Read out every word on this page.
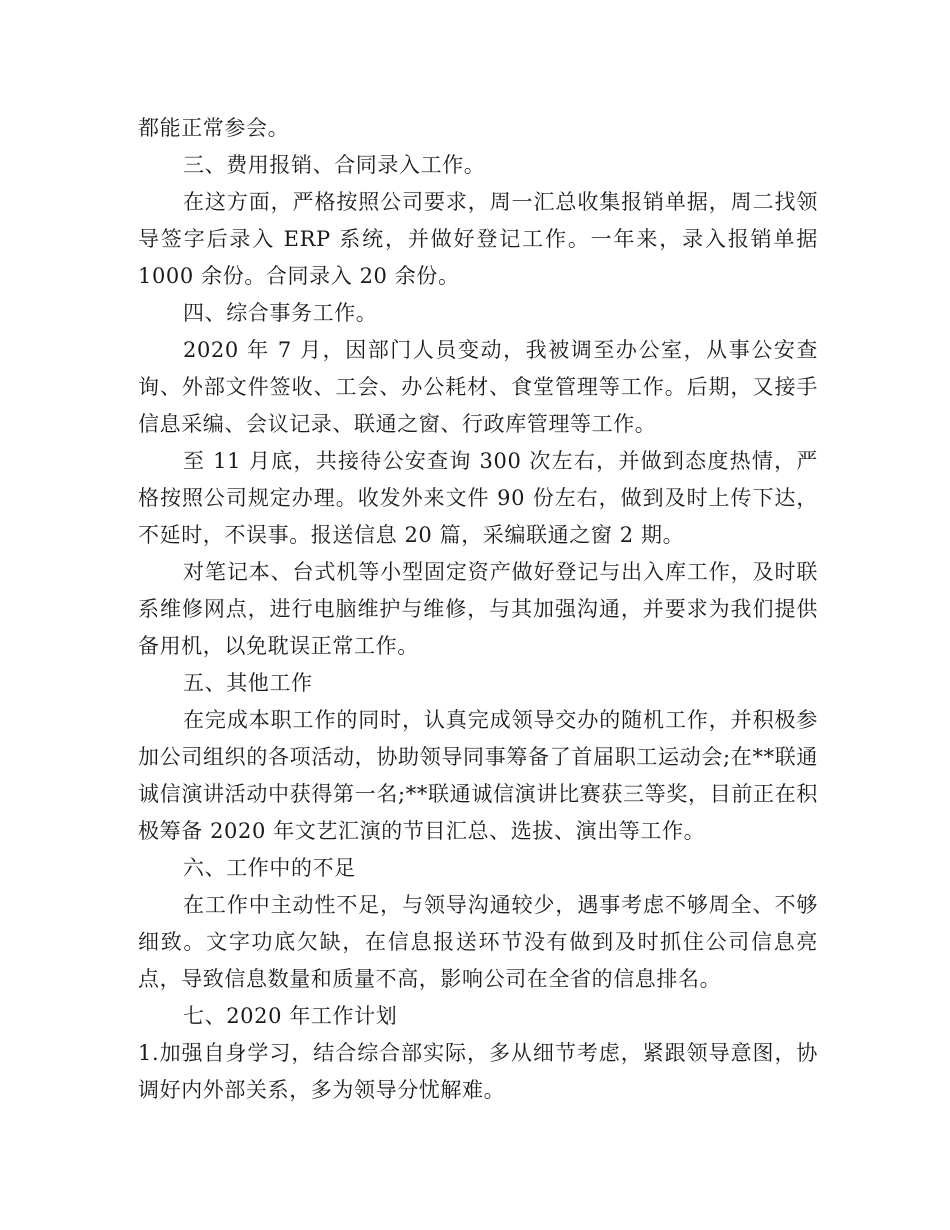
都能正常参会。

三、费用报销、合同录入工作。

在这方面，严格按照公司要求，周一汇总收集报销单据，周二找领导签字后录入 ERP 系统，并做好登记工作。一年来，录入报销单据 1000 余份。合同录入 20 余份。

四、综合事务工作。

2020 年 7 月，因部门人员变动，我被调至办公室，从事公安查询、外部文件签收、工会、办公耗材、食堂管理等工作。后期，又接手信息采编、会议记录、联通之窗、行政库管理等工作。

至 11 月底，共接待公安查询 300 次左右，并做到态度热情，严格按照公司规定办理。收发外来文件 90 份左右，做到及时上传下达，不延时，不误事。报送信息 20 篇，采编联通之窗 2 期。

对笔记本、台式机等小型固定资产做好登记与出入库工作，及时联系维修网点，进行电脑维护与维修，与其加强沟通，并要求为我们提供备用机，以免耽误正常工作。

五、其他工作

在完成本职工作的同时，认真完成领导交办的随机工作，并积极参加公司组织的各项活动，协助领导同事筹备了首届职工运动会;在**联通诚信演讲活动中获得第一名;**联通诚信演讲比赛获三等奖，目前正在积极筹备 2020 年文艺汇演的节目汇总、选拔、演出等工作。

六、工作中的不足

在工作中主动性不足，与领导沟通较少，遇事考虑不够周全、不够细致。文字功底欠缺，在信息报送环节没有做到及时抓住公司信息亮点，导致信息数量和质量不高，影响公司在全省的信息排名。

七、2020 年工作计划

1.加强自身学习，结合综合部实际，多从细节考虑，紧跟领导意图，协调好内外部关系，多为领导分忧解难。
